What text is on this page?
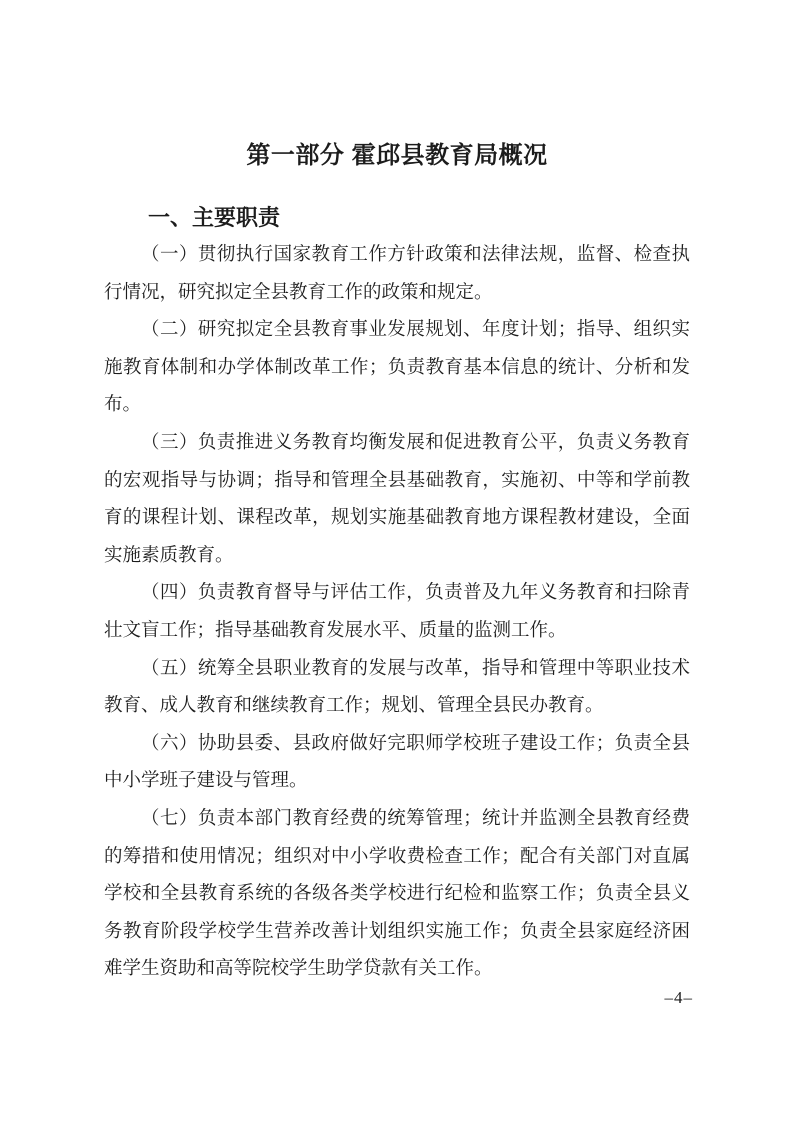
第一部分 霍邱县教育局概况
一、主要职责

（一）贯彻执行国家教育工作方针政策和法律法规，监督、检查执行情况，研究拟定全县教育工作的政策和规定。

（二）研究拟定全县教育事业发展规划、年度计划；指导、组织实施教育体制和办学体制改革工作；负责教育基本信息的统计、分析和发布。

（三）负责推进义务教育均衡发展和促进教育公平，负责义务教育的宏观指导与协调；指导和管理全县基础教育，实施初、中等和学前教育的课程计划、课程改革，规划实施基础教育地方课程教材建设，全面实施素质教育。

（四）负责教育督导与评估工作，负责普及九年义务教育和扫除青壮文盲工作；指导基础教育发展水平、质量的监测工作。

（五）统筹全县职业教育的发展与改革，指导和管理中等职业技术教育、成人教育和继续教育工作；规划、管理全县民办教育。

（六）协助县委、县政府做好完职师学校班子建设工作；负责全县中小学班子建设与管理。

（七）负责本部门教育经费的统筹管理；统计并监测全县教育经费的筹措和使用情况；组织对中小学收费检查工作；配合有关部门对直属学校和全县教育系统的各级各类学校进行纪检和监察工作；负责全县义务教育阶段学校学生营养改善计划组织实施工作；负责全县家庭经济困难学生资助和高等院校学生助学贷款有关工作。

–4–
